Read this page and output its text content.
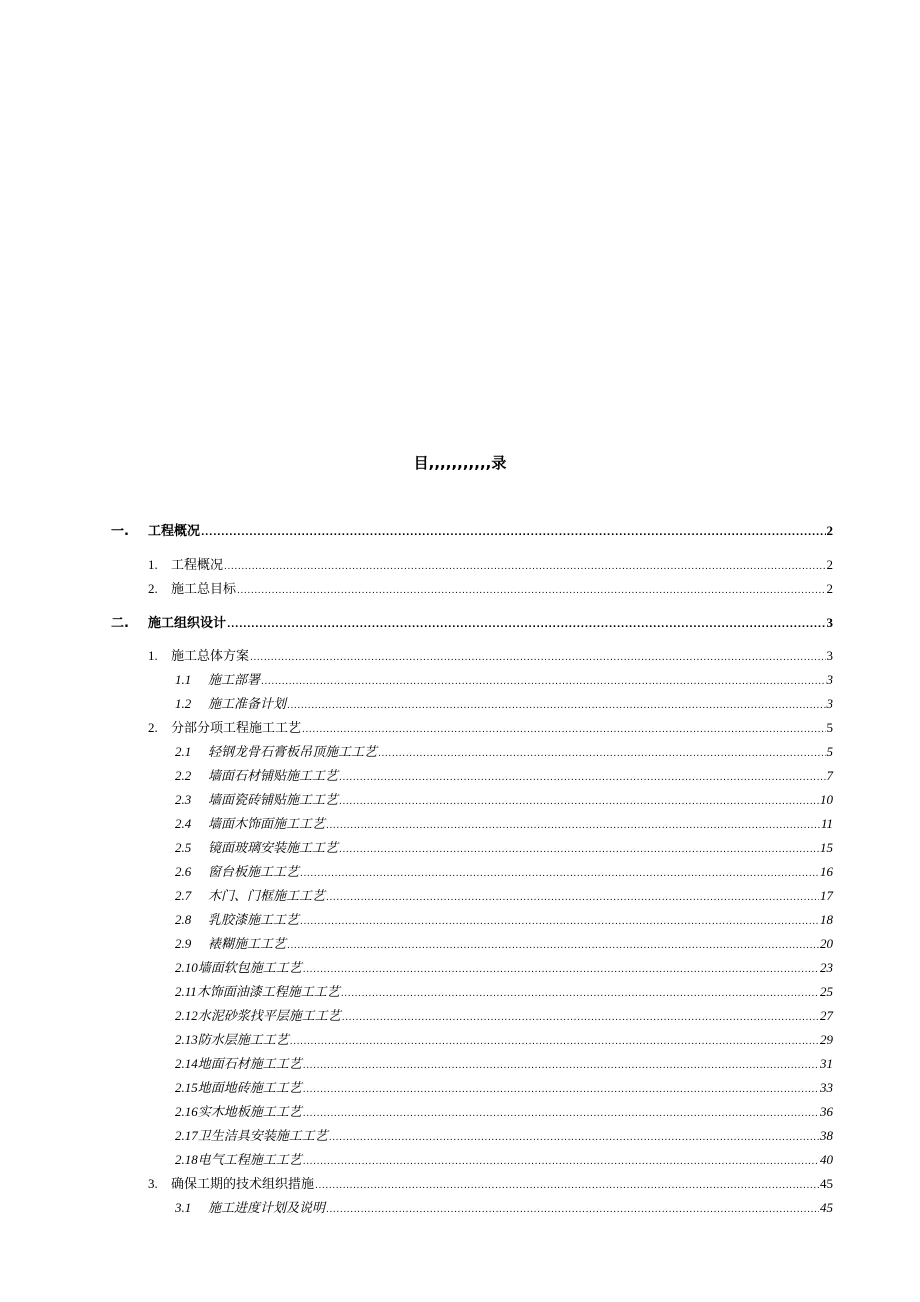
目,,,,,,,,,,,录
一.	工程概况 .....	2
1.	工程概况 .....	2
2.	施工总目标 .....	2
二.	施工组织设计 .....	3
1.	施工总体方案 .....	3
1.1	施工部署 .....	3
1.2	施工准备计划 .....	3
2.	分部分项工程施工工艺 .....	5
2.1	轻钢龙骨石膏板吊顶施工工艺 .....	5
2.2	墙面石材铺贴施工工艺 .....	7
2.3	墙面瓷砖铺贴施工工艺 .....	10
2.4	墙面木饰面施工工艺 .....	11
2.5	镜面玻璃安装施工工艺 .....	15
2.6	窗台板施工工艺 .....	16
2.7	木门、门框施工工艺 .....	17
2.8	乳胶漆施工工艺 .....	18
2.9	裱糊施工工艺 .....	20
2.10 墙面软包施工工艺 .....	23
2.11 木饰面油漆工程施工工艺 .....	25
2.12 水泥砂浆找平层施工工艺 .....	27
2.13 防水层施工工艺 .....	29
2.14 地面石材施工工艺 .....	31
2.15 地面地砖施工工艺 .....	33
2.16 实木地板施工工艺 .....	36
2.17 卫生洁具安装施工工艺 .....	38
2.18 电气工程施工工艺 .....	40
3.	确保工期的技术组织措施 .....	45
3.1	施工进度计划及说明 .....	45
